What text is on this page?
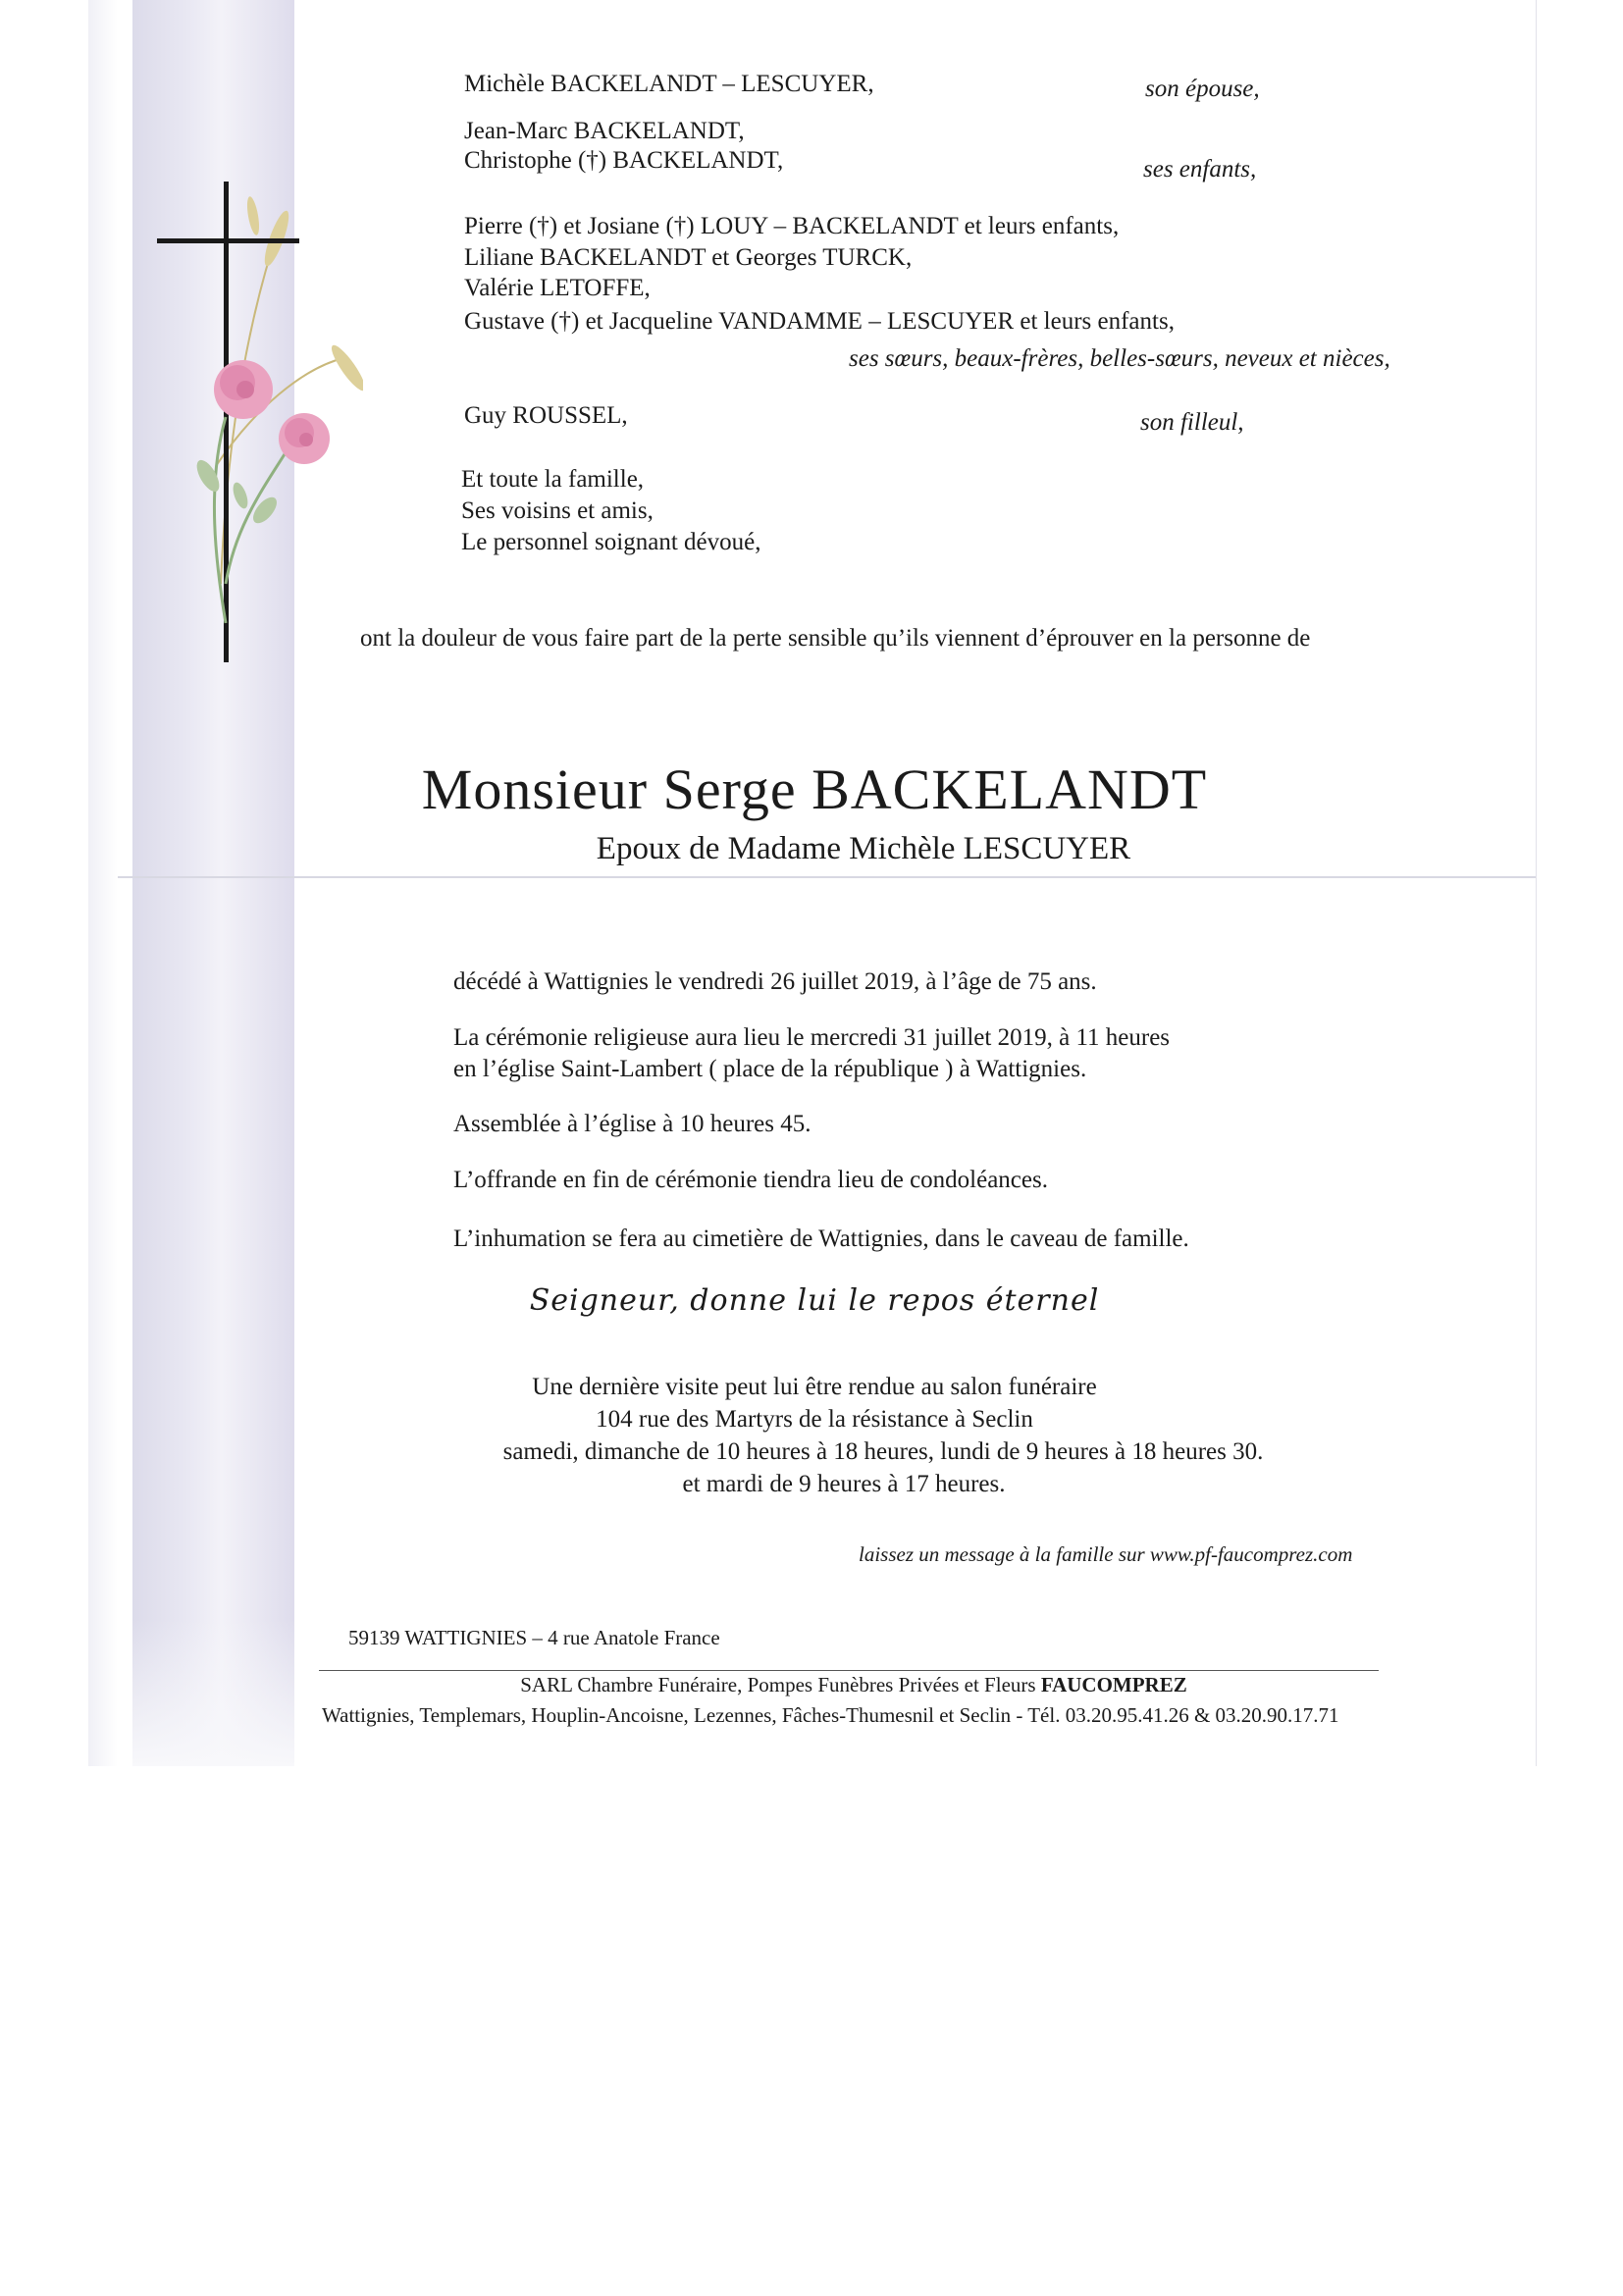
Michèle BACKELANDT – LESCUYER,	son épouse,
Jean-Marc BACKELANDT,
Christophe (†) BACKELANDT,	ses enfants,
Pierre (†) et Josiane (†) LOUY – BACKELANDT et leurs enfants,
Liliane BACKELANDT et Georges TURCK,
Valérie LETOFFE,
Gustave (†) et Jacqueline VANDAMME – LESCUYER et leurs enfants,
ses sœurs, beaux-frères, belles-sœurs, neveux et nièces,
Guy ROUSSEL,	son filleul,
Et toute la famille,
Ses voisins et amis,
Le personnel soignant dévoué,
ont la douleur de vous faire part de la perte sensible qu’ils viennent d’éprouver en la personne de
Monsieur Serge BACKELANDT
Epoux de Madame Michèle LESCUYER
décédé à Wattignies le vendredi 26 juillet 2019, à l’âge de 75 ans.
La cérémonie religieuse aura lieu le mercredi 31 juillet 2019, à 11 heures
en l’église Saint-Lambert ( place de la république ) à Wattignies.
Assemblée à l’église à 10 heures 45.
L’offrande en fin de cérémonie tiendra lieu de condoléances.
L’inhumation se fera au cimetière de Wattignies, dans le caveau de famille.
Seigneur, donne lui le repos éternel
Une dernière visite peut lui être rendue au salon funéraire
104 rue des Martyrs de la résistance à Seclin
samedi, dimanche de 10 heures à 18 heures, lundi de 9 heures à 18 heures 30.
et mardi de 9 heures à 17 heures.
laissez un message à la famille sur www.pf-faucomprez.com
59139 WATTIGNIES – 4 rue Anatole France
SARL Chambre Funéraire, Pompes Funèbres Privées et Fleurs FAUCOMPREZ
Wattignies, Templemars, Houplin-Ancoisne, Lezennes, Fâches-Thumesnil et Seclin - Tél. 03.20.95.41.26 & 03.20.90.17.71
